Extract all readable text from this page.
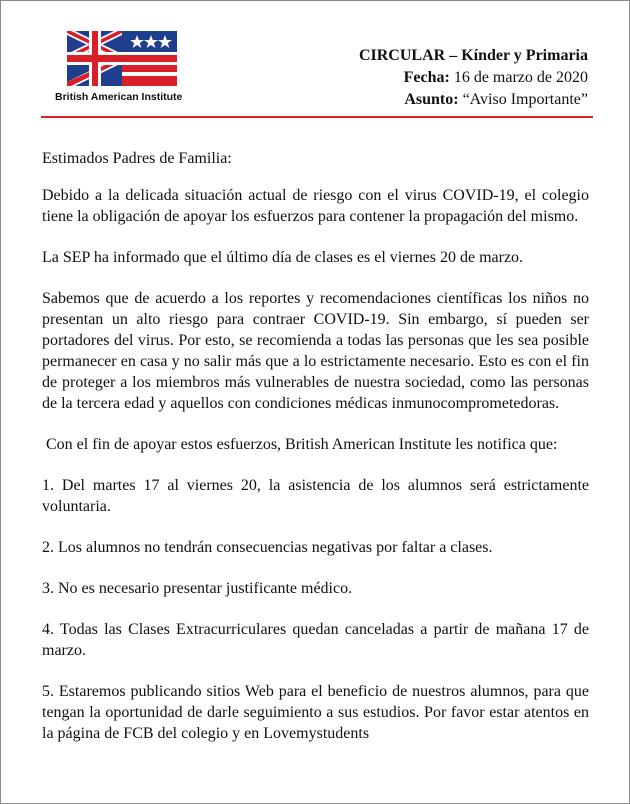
British American Institute
CIRCULAR – Kínder y Primaria
Fecha: 16 de marzo de 2020
Asunto: “Aviso Importante”

Estimados Padres de Familia:

Debido a la delicada situación actual de riesgo con el virus COVID-19, el colegio tiene la obligación de apoyar los esfuerzos para contener la propagación del mismo.

La SEP ha informado que el último día de clases es el viernes 20 de marzo.

Sabemos que de acuerdo a los reportes y recomendaciones científicas los niños no presentan un alto riesgo para contraer COVID-19. Sin embargo, sí pueden ser portadores del virus. Por esto, se recomienda a todas las personas que les sea posible permanecer en casa y no salir más que a lo estrictamente necesario. Esto es con el fin de proteger a los miembros más vulnerables de nuestra sociedad, como las personas de la tercera edad y aquellos con condiciones médicas inmunocomprometedoras.

Con el fin de apoyar estos esfuerzos, British American Institute les notifica que:

1. Del martes 17 al viernes 20, la asistencia de los alumnos será estrictamente voluntaria.

2. Los alumnos no tendrán consecuencias negativas por faltar a clases.

3. No es necesario presentar justificante médico.

4. Todas las Clases Extracurriculares quedan canceladas a partir de mañana 17 de marzo.

5. Estaremos publicando sitios Web para el beneficio de nuestros alumnos, para que tengan la oportunidad de darle seguimiento a sus estudios. Por favor estar atentos en la página de FCB del colegio y en Lovemystudents
